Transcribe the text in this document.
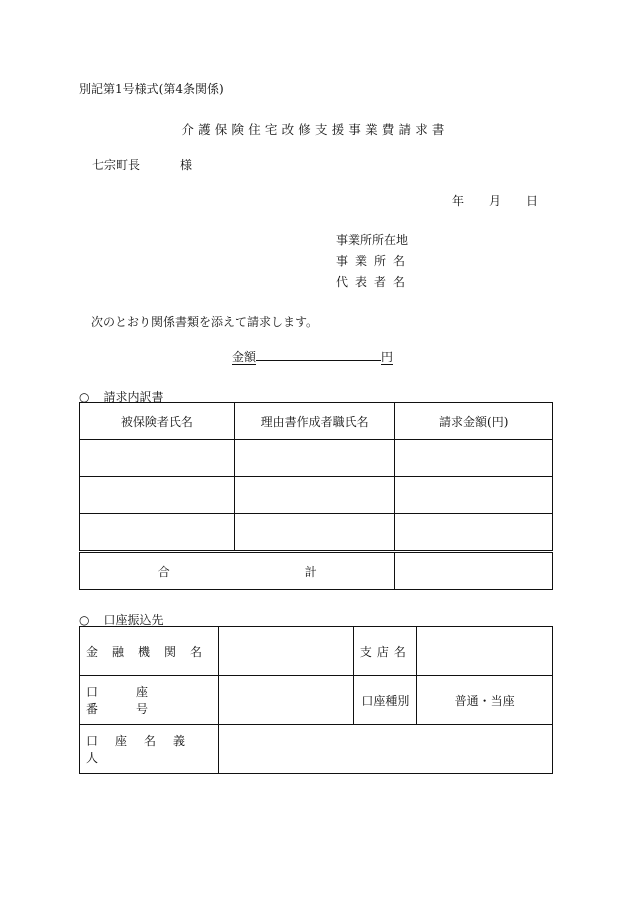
別記第1号様式(第4条関係)
介護保険住宅改修支援事業費請求書
七宗町長	様
年 月 日
事業所所在地
事業所名
代表者名
次のとおり関係書類を添えて請求します。
金額	円
○ 請求内訳書
被保険者氏名	理由書作成者職氏名	請求金額(円)

合 計		
○ 口座振込先
金融機関名		支店名	
口座番号		口座種別	普通・当座
口座名義人			
